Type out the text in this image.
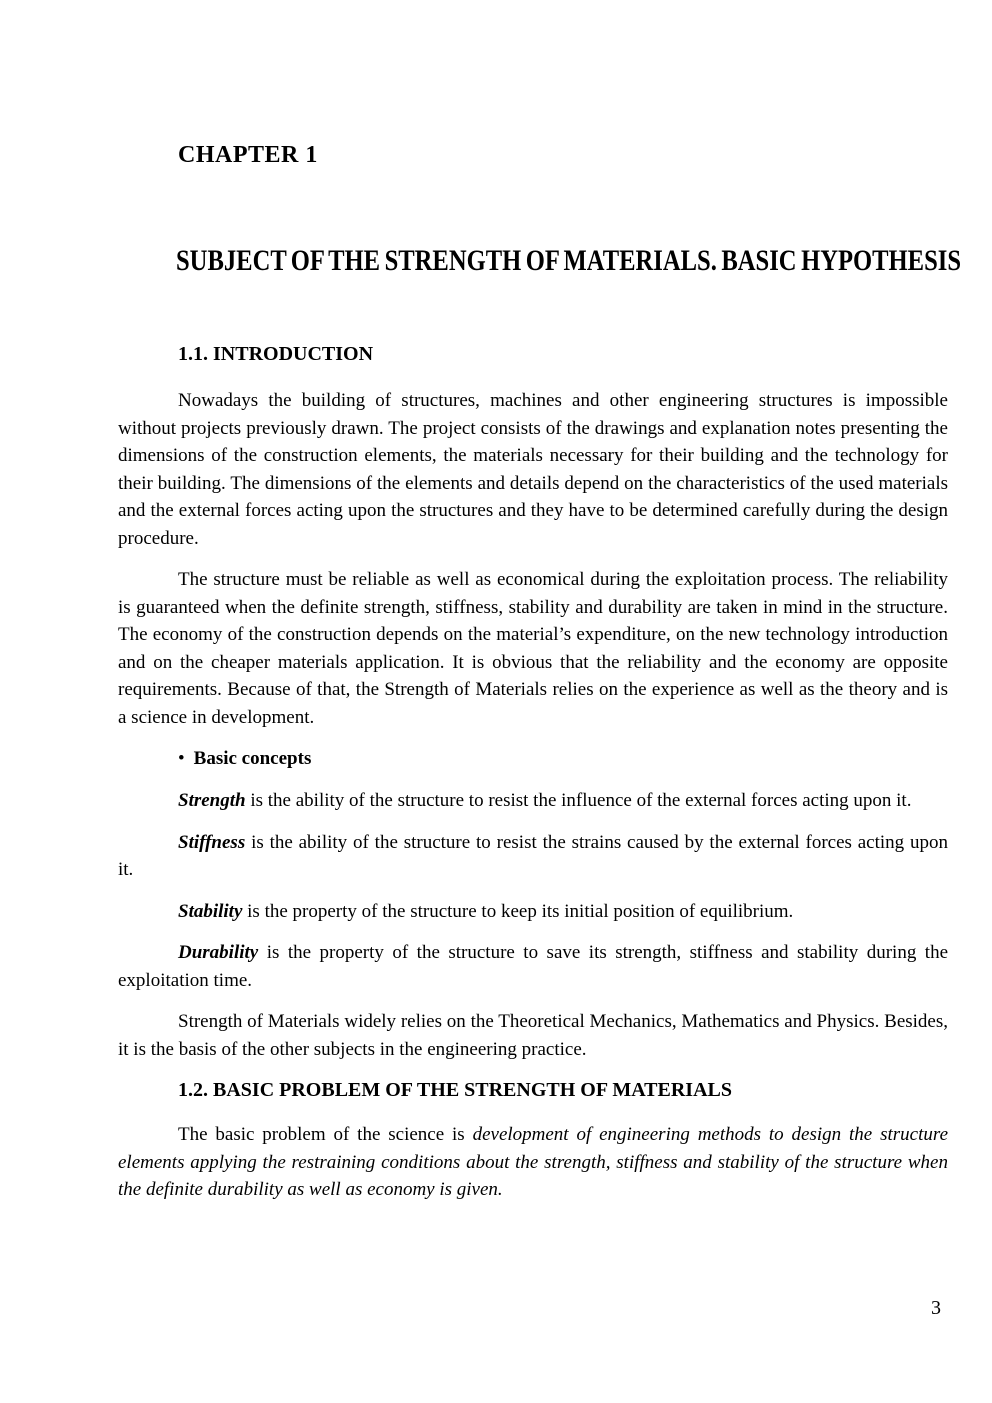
CHAPTER 1
SUBJECT OF THE STRENGTH OF MATERIALS. BASIC HYPOTHESIS
1.1. INTRODUCTION

Nowadays the building of structures, machines and other engineering structures is impossible without projects previously drawn. The project consists of the drawings and explanation notes presenting the dimensions of the construction elements, the materials necessary for their building and the technology for their building. The dimensions of the elements and details depend on the characteristics of the used materials and the external forces acting upon the structures and they have to be determined carefully during the design procedure.

The structure must be reliable as well as economical during the exploitation process. The reliability is guaranteed when the definite strength, stiffness, stability and durability are taken in mind in the structure. The economy of the construction depends on the material’s expenditure, on the new technology introduction and on the cheaper materials application. It is obvious that the reliability and the economy are opposite requirements. Because of that, the Strength of Materials relies on the experience as well as the theory and is a science in development.

• Basic concepts

Strength is the ability of the structure to resist the influence of the external forces acting upon it.

Stiffness is the ability of the structure to resist the strains caused by the external forces acting upon it.

Stability is the property of the structure to keep its initial position of equilibrium.

Durability is the property of the structure to save its strength, stiffness and stability during the exploitation time.

Strength of Materials widely relies on the Theoretical Mechanics, Mathematics and Physics. Besides, it is the basis of the other subjects in the engineering practice.

1.2. BASIC PROBLEM OF THE STRENGTH OF MATERIALS

The basic problem of the science is development of engineering methods to design the structure elements applying the restraining conditions about the strength, stiffness and stability of the structure when the definite durability as well as economy is given.

3
